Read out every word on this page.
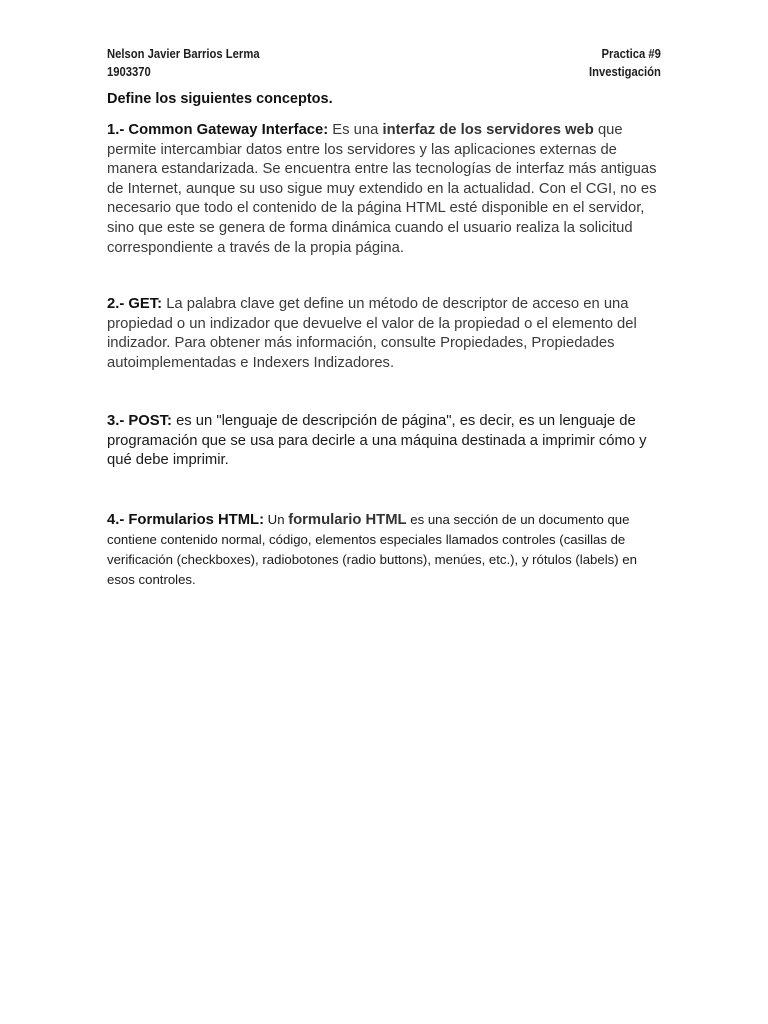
Nelson Javier Barrios Lerma
1903370
Practica #9
Investigación
Define los siguientes conceptos.

1.- Common Gateway Interface: Es una interfaz de los servidores web que permite intercambiar datos entre los servidores y las aplicaciones externas de manera estandarizada. Se encuentra entre las tecnologías de interfaz más antiguas de Internet, aunque su uso sigue muy extendido en la actualidad. Con el CGI, no es necesario que todo el contenido de la página HTML esté disponible en el servidor, sino que este se genera de forma dinámica cuando el usuario realiza la solicitud correspondiente a través de la propia página.

2.- GET: La palabra clave get define un método de descriptor de acceso en una propiedad o un indizador que devuelve el valor de la propiedad o el elemento del indizador. Para obtener más información, consulte Propiedades, Propiedades autoimplementadas e Indexers Indizadores.

3.- POST: es un "lenguaje de descripción de página", es decir, es un lenguaje de programación que se usa para decirle a una máquina destinada a imprimir cómo y qué debe imprimir.

4.- Formularios HTML: Un formulario HTML es una sección de un documento que contiene contenido normal, código, elementos especiales llamados controles (casillas de verificación (checkboxes), radiobotones (radio buttons), menúes, etc.), y rótulos (labels) en esos controles.
